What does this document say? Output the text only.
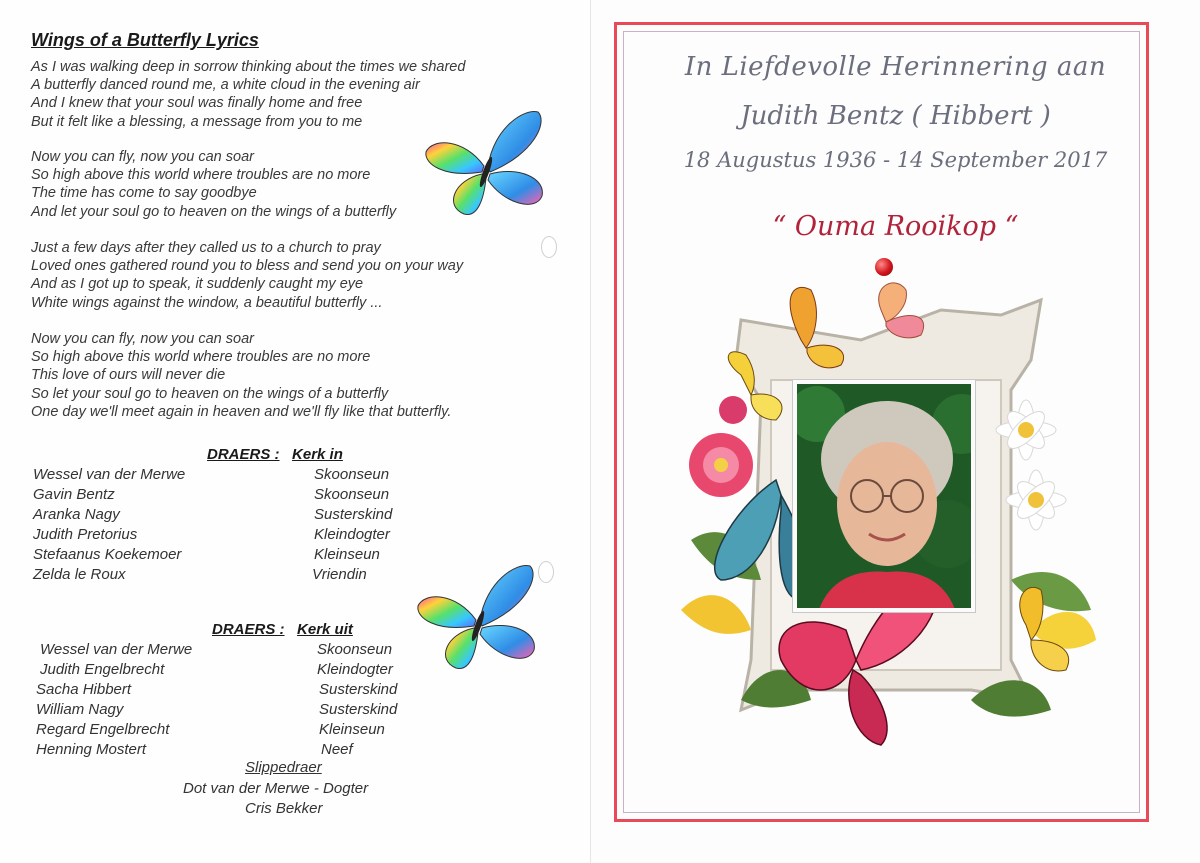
Wings of a Butterfly Lyrics
As I was walking deep in sorrow thinking about the times we shared
A butterfly danced round me, a white cloud in the evening air
And I knew that your soul was finally home and free
But it felt like a blessing, a message from you to me
Now you can fly, now you can soar
So high above this world where troubles are no more
The time has come to say goodbye
And let your soul go to heaven on the wings of a butterfly
Just a few days after they called us to a church to pray
Loved ones gathered round you to bless and send you on your way
And as I got up to speak, it suddenly caught my eye
White wings against the window, a beautiful butterfly ...
Now you can fly, now you can soar
So high above this world where troubles are no more
This love of ours will never die
So let your soul go to heaven on the wings of a butterfly
One day we'll meet again in heaven and we'll fly like that butterfly.
DRAERS : Kerk in
Wessel van der Merwe	Skoonseun
Gavin Bentz	Skoonseun
Aranka Nagy	Susterskind
Judith Pretorius	Kleindogter
Stefaanus Koekemoer	Kleinseun
Zelda le Roux	Vriendin
DRAERS : Kerk uit
Wessel van der Merwe	Skoonseun
Judith Engelbrecht	Kleindogter
Sacha Hibbert	Susterskind
William Nagy	Susterskind
Regard Engelbrecht	Kleinseun
Henning Mostert	Neef
Slippedraer
Dot van der Merwe - Dogter
Cris Bekker
In Liefdevolle Herinnering aan
Judith Bentz ( Hibbert )
18 Augustus 1936 - 14 September 2017
“ Ouma Rooikop “
